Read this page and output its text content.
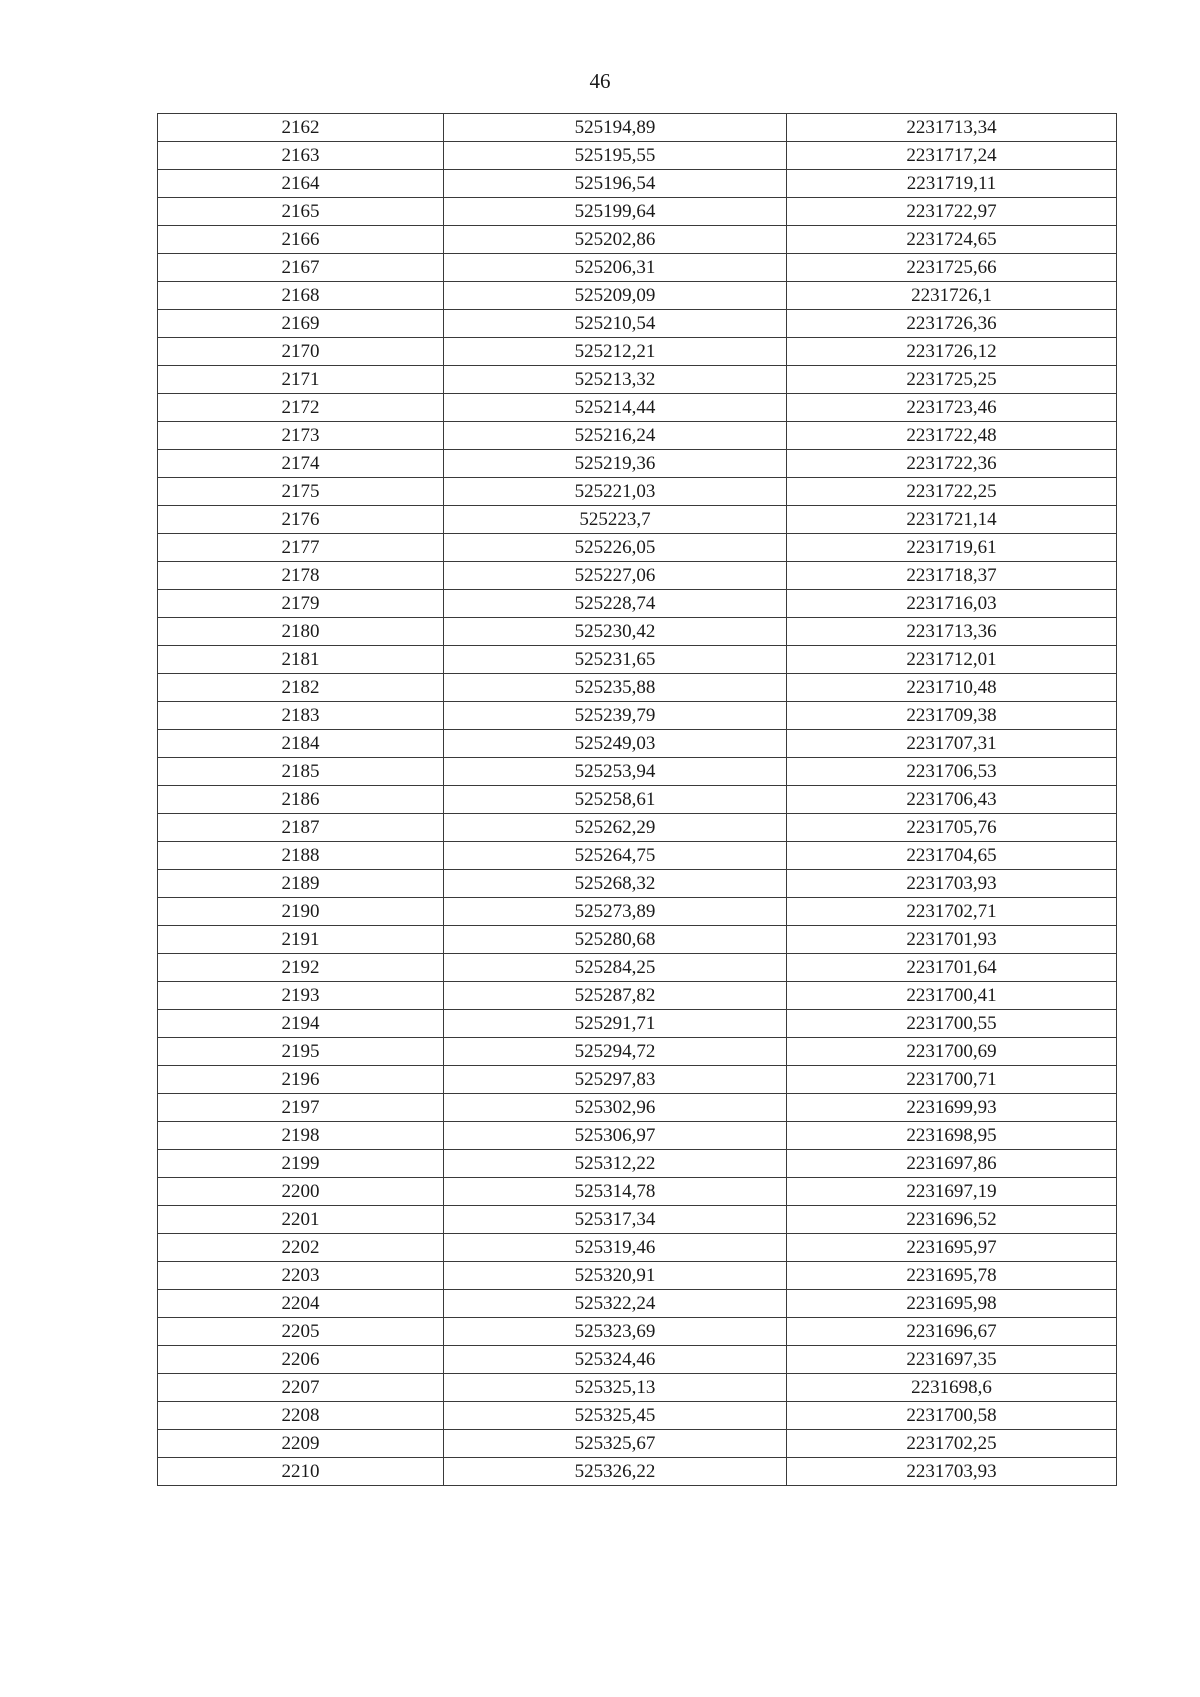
46
2162	525194,89	2231713,34
2163	525195,55	2231717,24
2164	525196,54	2231719,11
2165	525199,64	2231722,97
2166	525202,86	2231724,65
2167	525206,31	2231725,66
2168	525209,09	2231726,1
2169	525210,54	2231726,36
2170	525212,21	2231726,12
2171	525213,32	2231725,25
2172	525214,44	2231723,46
2173	525216,24	2231722,48
2174	525219,36	2231722,36
2175	525221,03	2231722,25
2176	525223,7	2231721,14
2177	525226,05	2231719,61
2178	525227,06	2231718,37
2179	525228,74	2231716,03
2180	525230,42	2231713,36
2181	525231,65	2231712,01
2182	525235,88	2231710,48
2183	525239,79	2231709,38
2184	525249,03	2231707,31
2185	525253,94	2231706,53
2186	525258,61	2231706,43
2187	525262,29	2231705,76
2188	525264,75	2231704,65
2189	525268,32	2231703,93
2190	525273,89	2231702,71
2191	525280,68	2231701,93
2192	525284,25	2231701,64
2193	525287,82	2231700,41
2194	525291,71	2231700,55
2195	525294,72	2231700,69
2196	525297,83	2231700,71
2197	525302,96	2231699,93
2198	525306,97	2231698,95
2199	525312,22	2231697,86
2200	525314,78	2231697,19
2201	525317,34	2231696,52
2202	525319,46	2231695,97
2203	525320,91	2231695,78
2204	525322,24	2231695,98
2205	525323,69	2231696,67
2206	525324,46	2231697,35
2207	525325,13	2231698,6
2208	525325,45	2231700,58
2209	525325,67	2231702,25
2210	525326,22	2231703,93
